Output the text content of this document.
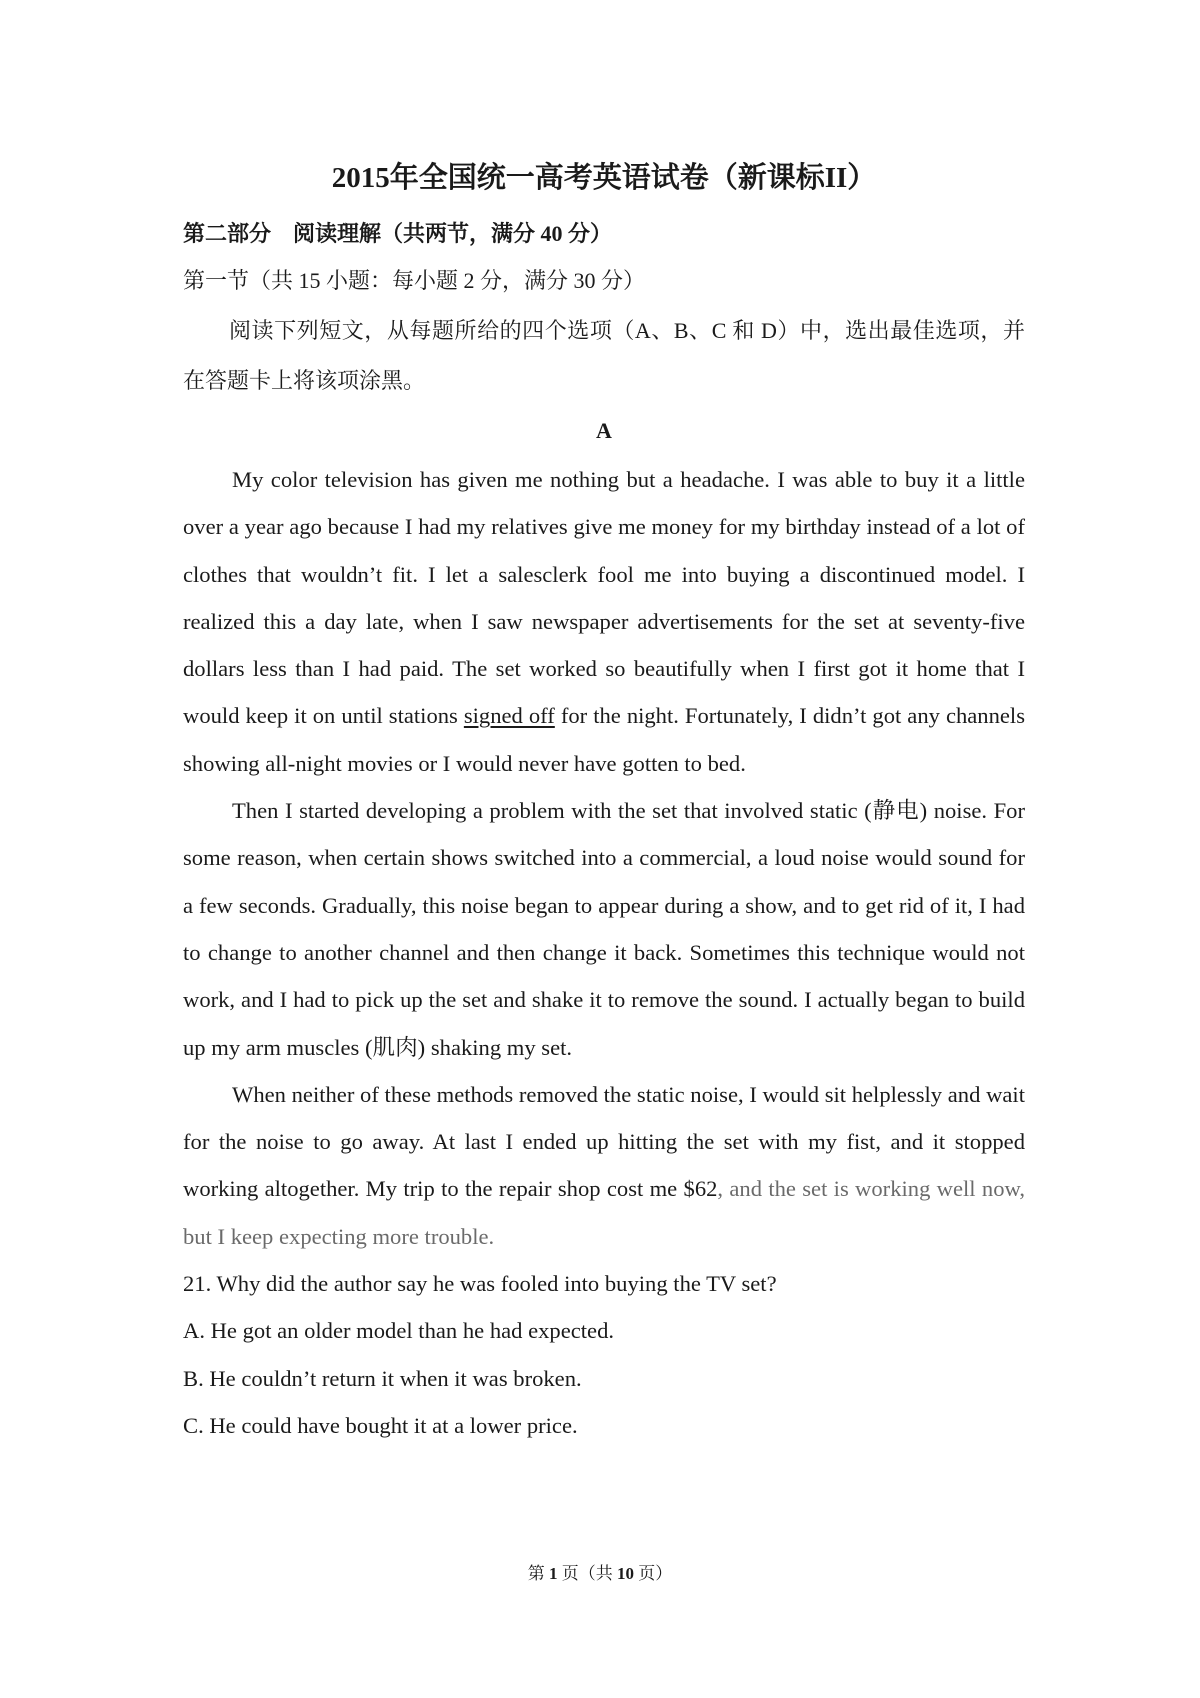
2015年全国统一高考英语试卷（新课标II）

第二部分　阅读理解（共两节，满分 40 分）

第一节（共 15 小题：每小题 2 分，满分 30 分）

阅读下列短文，从每题所给的四个选项（A、B、C 和 D）中，选出最佳选项，并在答题卡上将该项涂黑。

A

My color television has given me nothing but a headache. I was able to buy it a little over a year ago because I had my relatives give me money for my birthday instead of a lot of clothes that wouldn’t fit. I let a salesclerk fool me into buying a discontinued model. I realized this a day late, when I saw newspaper advertisements for the set at seventy-five dollars less than I had paid. The set worked so beautifully when I first got it home that I would keep it on until stations signed off for the night. Fortunately, I didn’t got any channels showing all-night movies or I would never have gotten to bed.

Then I started developing a problem with the set that involved static (静电) noise. For some reason, when certain shows switched into a commercial, a loud noise would sound for a few seconds. Gradually, this noise began to appear during a show, and to get rid of it, I had to change to another channel and then change it back. Sometimes this technique would not work, and I had to pick up the set and shake it to remove the sound. I actually began to build up my arm muscles (肌肉) shaking my set.

When neither of these methods removed the static noise, I would sit helplessly and wait for the noise to go away. At last I ended up hitting the set with my fist, and it stopped working altogether. My trip to the repair shop cost me $62, and the set is working well now, but I keep expecting more trouble.

21. Why did the author say he was fooled into buying the TV set?

A. He got an older model than he had expected.

B. He couldn’t return it when it was broken.

C. He could have bought it at a lower price.

第 1 页（共 10 页）
